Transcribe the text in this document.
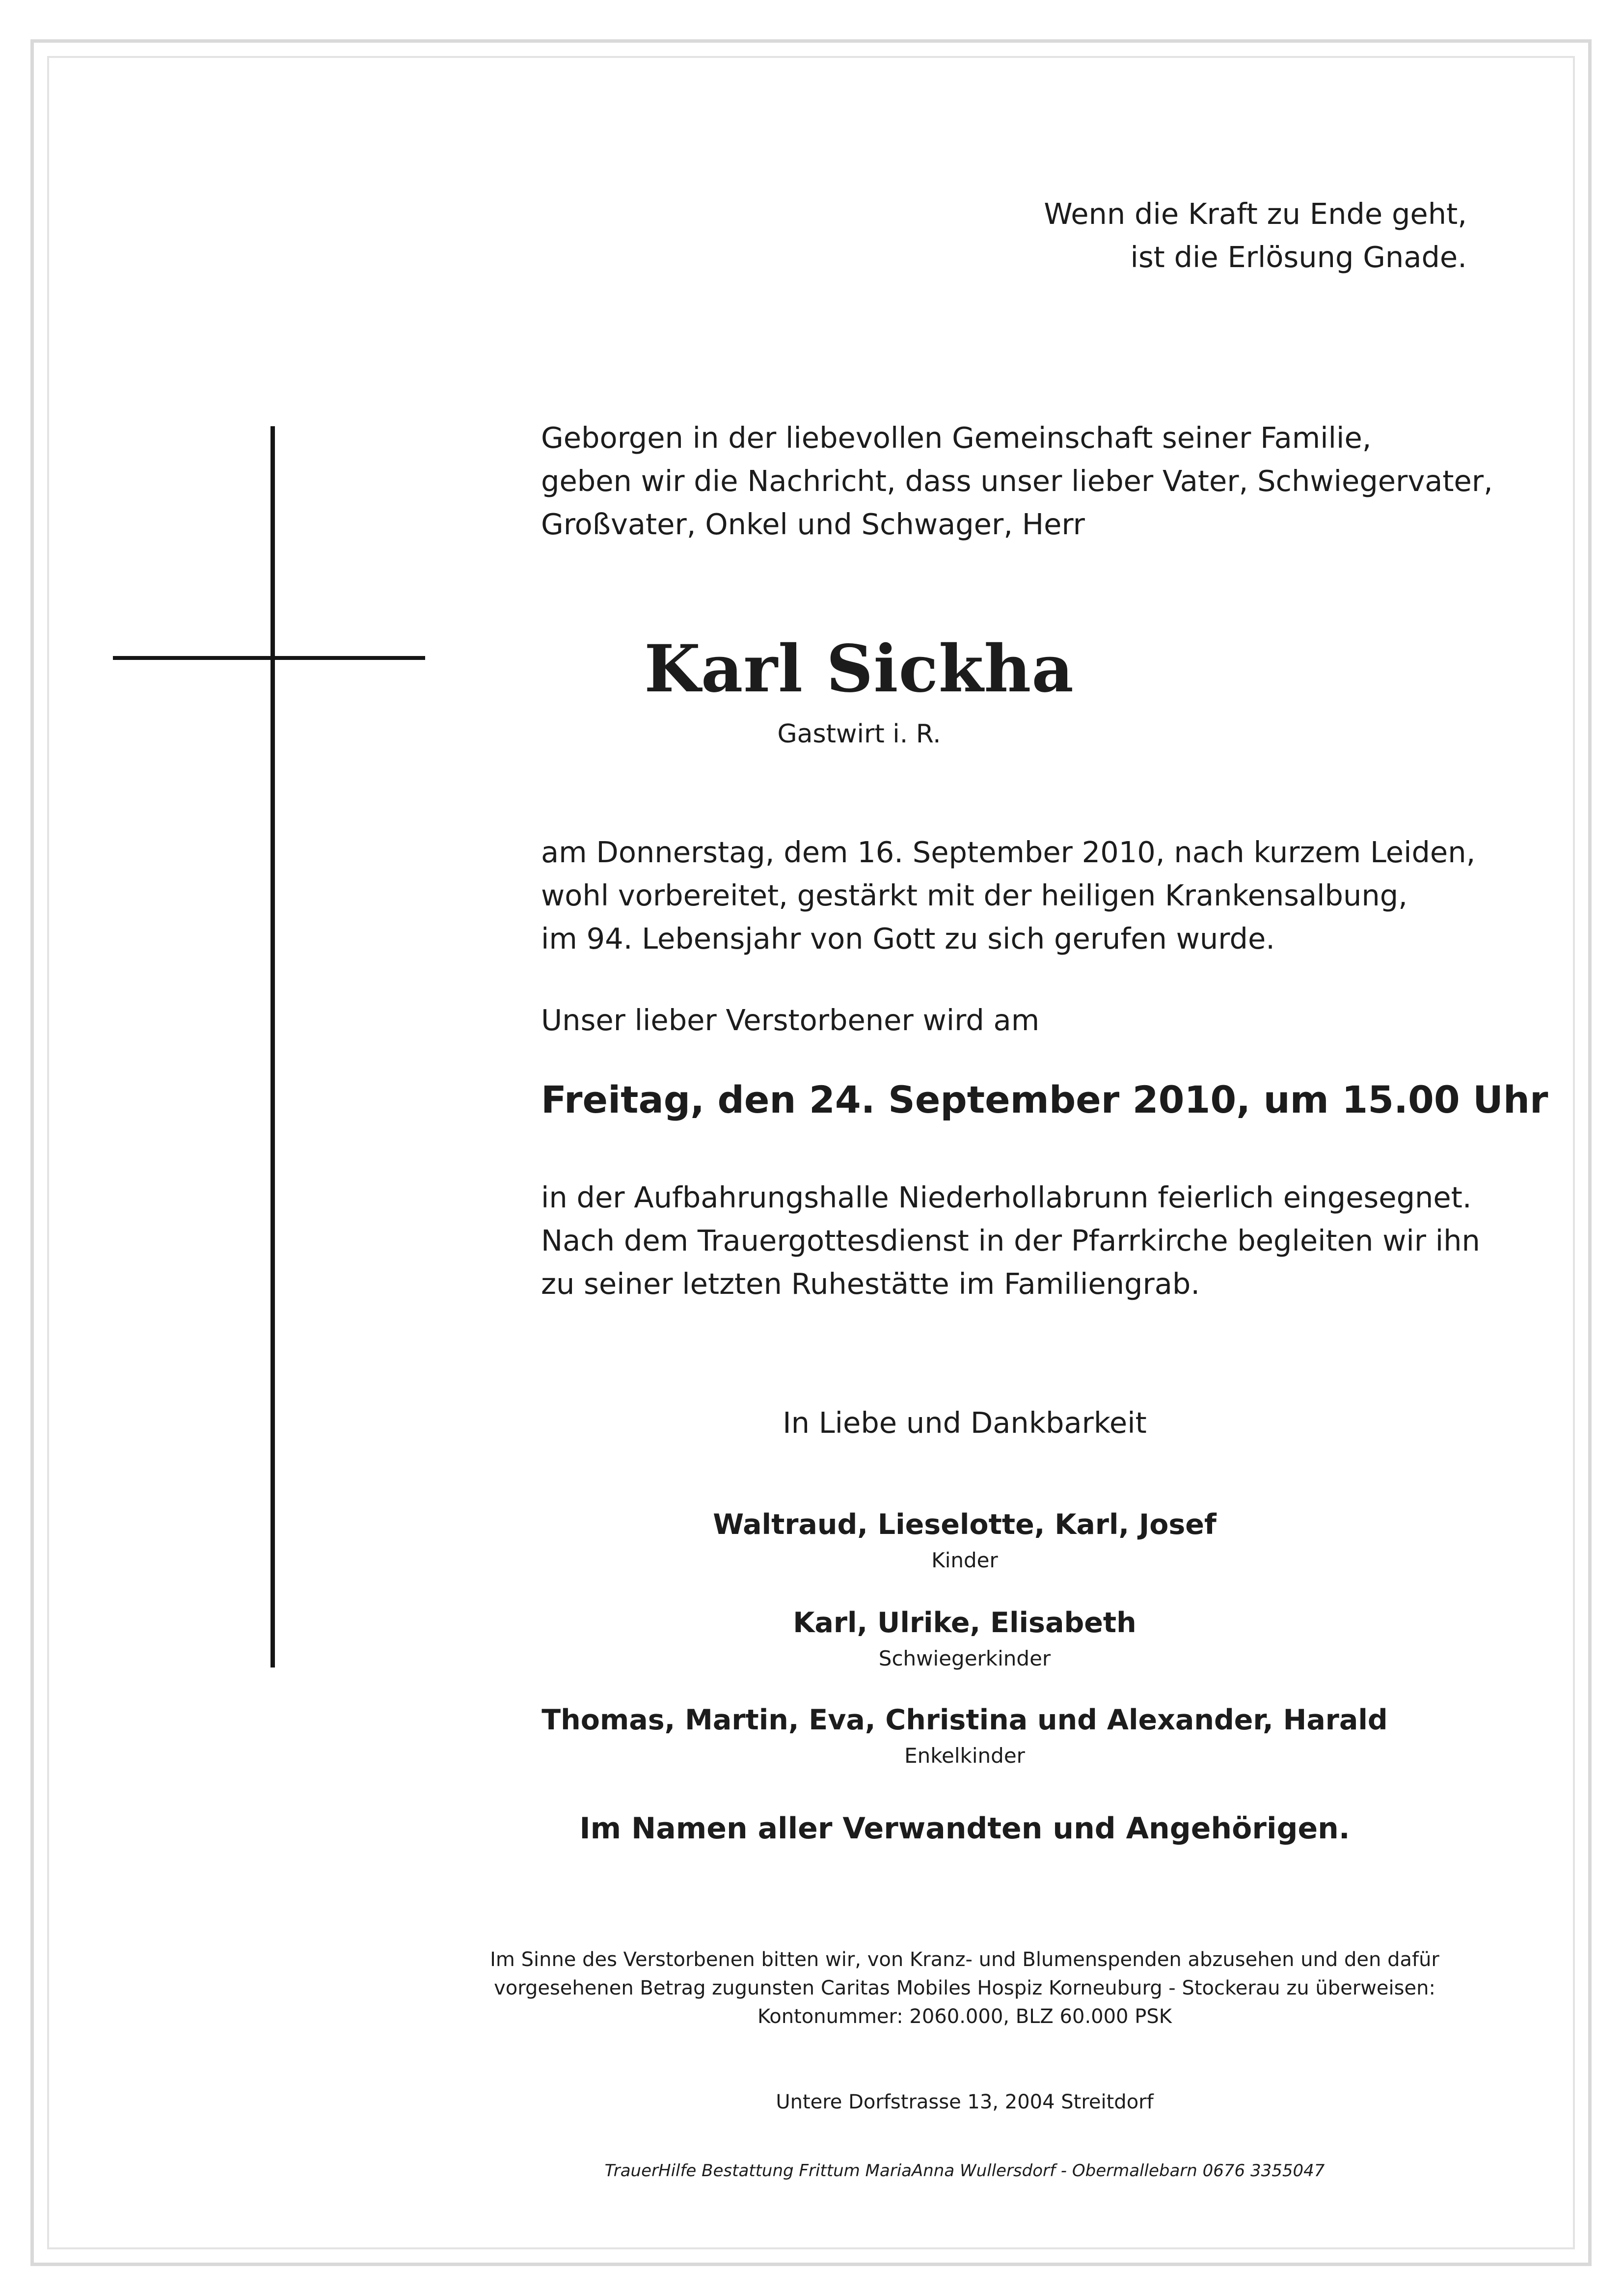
Wenn die Kraft zu Ende geht,
ist die Erlösung Gnade.

Geborgen in der liebevollen Gemeinschaft seiner Familie,
geben wir die Nachricht, dass unser lieber Vater, Schwiegervater,
Großvater, Onkel und Schwager, Herr

Karl Sickha

Gastwirt i. R.

am Donnerstag, dem 16. September 2010, nach kurzem Leiden,
wohl vorbereitet, gestärkt mit der heiligen Krankensalbung,
im 94. Lebensjahr von Gott zu sich gerufen wurde.

Unser lieber Verstorbener wird am

Freitag, den 24. September 2010, um 15.00 Uhr

in der Aufbahrungshalle Niederhollabrunn feierlich eingesegnet.
Nach dem Trauergottesdienst in der Pfarrkirche begleiten wir ihn
zu seiner letzten Ruhestätte im Familiengrab.

In Liebe und Dankbarkeit

Waltraud, Lieselotte, Karl, Josef

Kinder

Karl, Ulrike, Elisabeth

Schwiegerkinder

Thomas, Martin, Eva, Christina und Alexander, Harald

Enkelkinder

Im Namen aller Verwandten und Angehörigen.

Im Sinne des Verstorbenen bitten wir, von Kranz- und Blumenspenden abzusehen und den dafür
vorgesehenen Betrag zugunsten Caritas Mobiles Hospiz Korneuburg - Stockerau zu überweisen:
Kontonummer: 2060.000, BLZ 60.000 PSK

Untere Dorfstrasse 13, 2004 Streitdorf

TrauerHilfe Bestattung Frittum MariaAnna Wullersdorf - Obermallebarn 0676 3355047
